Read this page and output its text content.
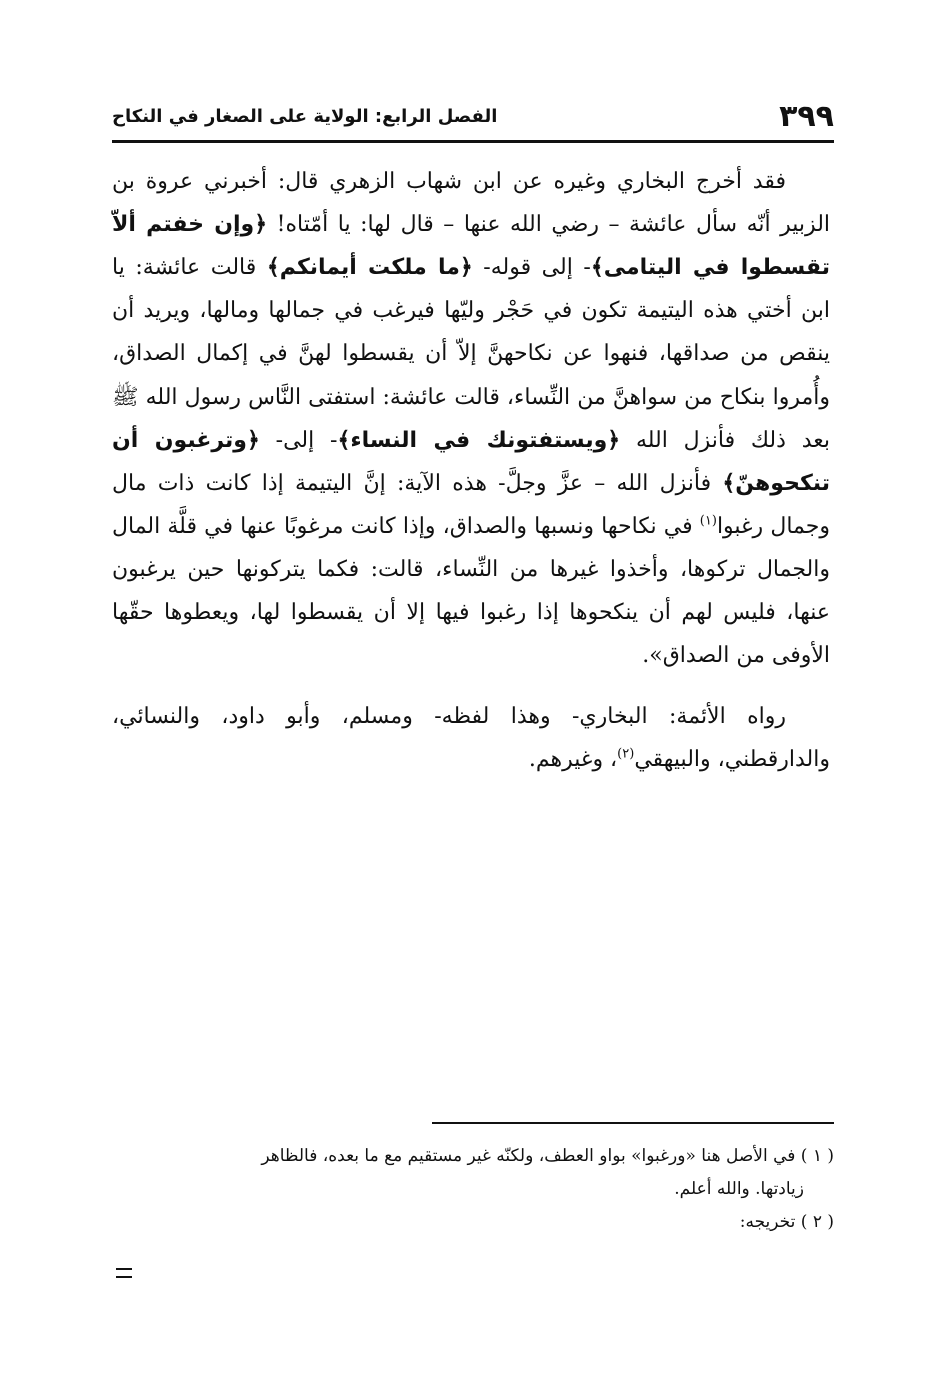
٣٩٩
الفصل الرابع: الولاية على الصغار في النكاح

فقد أخرج البخاري وغيره عن ابن شهاب الزهري قال: أخبرني عروة بن الزبير أنّه سأل عائشة – رضي الله عنها – قال لها: يا أمّتاه! ﴿وإن خفتم ألاّ تقسطوا في اليتامى﴾- إلى قوله- ﴿ما ملكت أيمانكم﴾ قالت عائشة: يا ابن أختي هذه اليتيمة تكون في حَجْر وليّها فيرغب في جمالها ومالها، ويريد أن ينقص من صداقها، فنهوا عن نكاحهنَّ إلاّ أن يقسطوا لهنَّ في إكمال الصداق، وأُمروا بنكاح من سواهنَّ من النِّساء، قالت عائشة: استفتى النَّاس رسول الله ﷺ بعد ذلك فأنزل الله ﴿ويستفتونك في النساء﴾- إلى- ﴿وترغبون أن تنكحوهنّ﴾ فأنزل الله – عزَّ وجلَّ- هذه الآية: إنَّ اليتيمة إذا كانت ذات مال وجمال رغبوا$^{(١)}$ في نكاحها ونسبها والصداق، وإذا كانت مرغوبًا عنها في قلَّة المال والجمال تركوها، وأخذوا غيرها من النِّساء، قالت: فكما يتركونها حين يرغبون عنها، فليس لهم أن ينكحوها إذا رغبوا فيها إلا أن يقسطوا لها، ويعطوها حقّها الأوفى من الصداق».

رواه الأئمة: البخاري- وهذا لفظه- ومسلم، وأبو داود، والنسائي، والدارقطني، والبيهقي$^{(٢)}$، وغيرهم.

( ١ ) في الأصل هنا «ورغبوا» بواو العطف، ولكنّه غير مستقيم مع ما بعده، فالظاهر

زيادتها. والله أعلم.

( ٢ ) تخريجه:
